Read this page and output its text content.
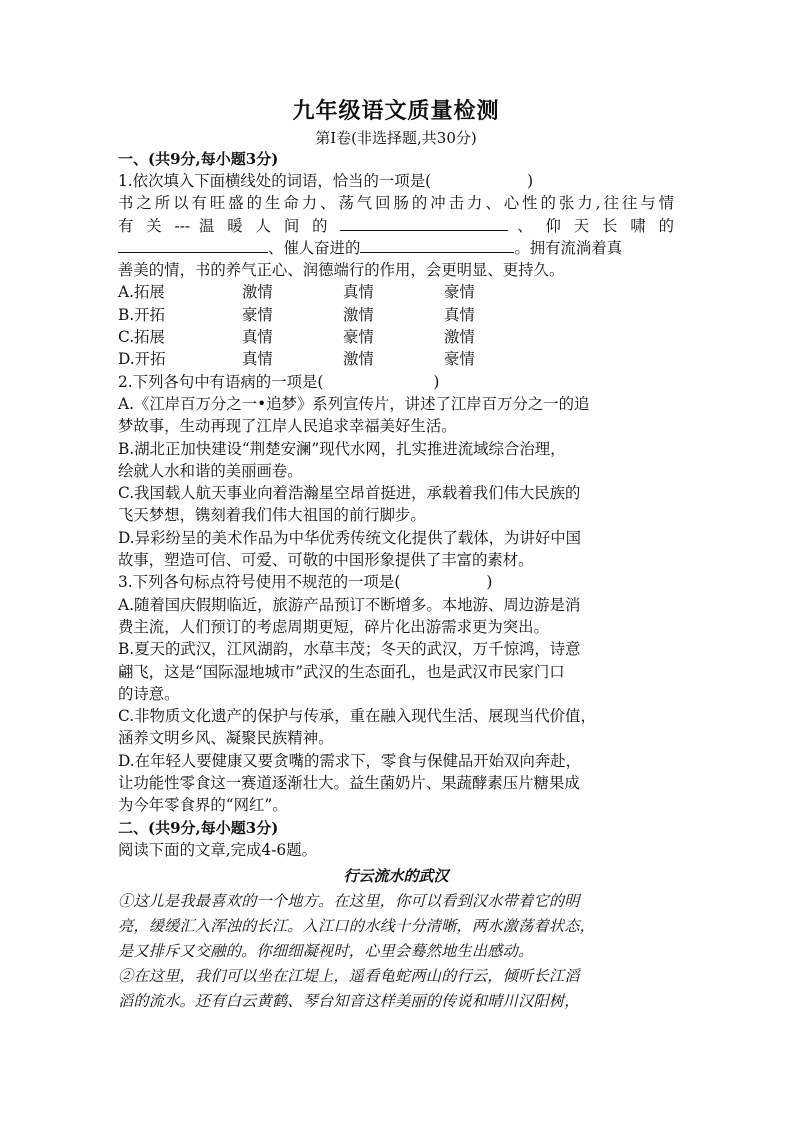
九年级语文质量检测
第Ⅰ卷(非选择题,共30分)
一、(共9分,每小题3分)

1.依次填入下面横线处的词语，恰当的一项是(	)

书之所以有旺盛的生命力、荡气回肠的冲击力、心性的张力,往往与情

有 关 --- 温 暖 人 间 的	、 仰 天 长 啸 的

、催人奋进的	。拥有流淌着真

善美的情，书的养气正心、润德端行的作用，会更明显、更持久。

A.拓展	激情	真情	豪情
B.开拓	豪情	激情	真情
C.拓展	真情	豪情	激情
D.开拓	真情	激情	豪情

2.下列各句中有语病的一项是(	)

A.《江岸百万分之一•追梦》系列宣传片，讲述了江岸百万分之一的追

梦故事，生动再现了江岸人民追求幸福美好生活。

B.湖北正加快建设“荆楚安澜”现代水网，扎实推进流域综合治理，

绘就人水和谐的美丽画卷。

C.我国载人航天事业向着浩瀚星空昂首挺进，承载着我们伟大民族的

飞天梦想，镌刻着我们伟大祖国的前行脚步。

D.异彩纷呈的美术作品为中华优秀传统文化提供了载体，为讲好中国

故事，塑造可信、可爱、可敬的中国形象提供了丰富的素材。

3.下列各句标点符号使用不规范的一项是(	)

A.随着国庆假期临近，旅游产品预订不断增多。本地游、周边游是消

费主流，人们预订的考虑周期更短，碎片化出游需求更为突出。

B.夏天的武汉，江风湖韵，水草丰茂；冬天的武汉，万千惊鸿，诗意

翩飞，这是“国际湿地城市”武汉的生态面孔，也是武汉市民家门口

的诗意。

C.非物质文化遗产的保护与传承，重在融入现代生活、展现当代价值，

涵养文明乡风、凝聚民族精神。

D.在年轻人要健康又要贪嘴的需求下，零食与保健品开始双向奔赴，

让功能性零食这一赛道逐渐壮大。益生菌奶片、果蔬酵素压片糖果成

为今年零食界的“网红”。

二、(共9分,每小题3分)

阅读下面的文章,完成4-6题。

行云流水的武汉

①这儿是我最喜欢的一个地方。在这里，你可以看到汉水带着它的明

亮，缓缓汇入浑浊的长江。入江口的水线十分清晰，两水激荡着状态，

是又排斥又交融的。你细细凝视时，心里会蓦然地生出感动。

②在这里，我们可以坐在江堤上，遥看龟蛇两山的行云，倾听长江滔

滔的流水。还有白云黄鹤、琴台知音这样美丽的传说和晴川汉阳树，
